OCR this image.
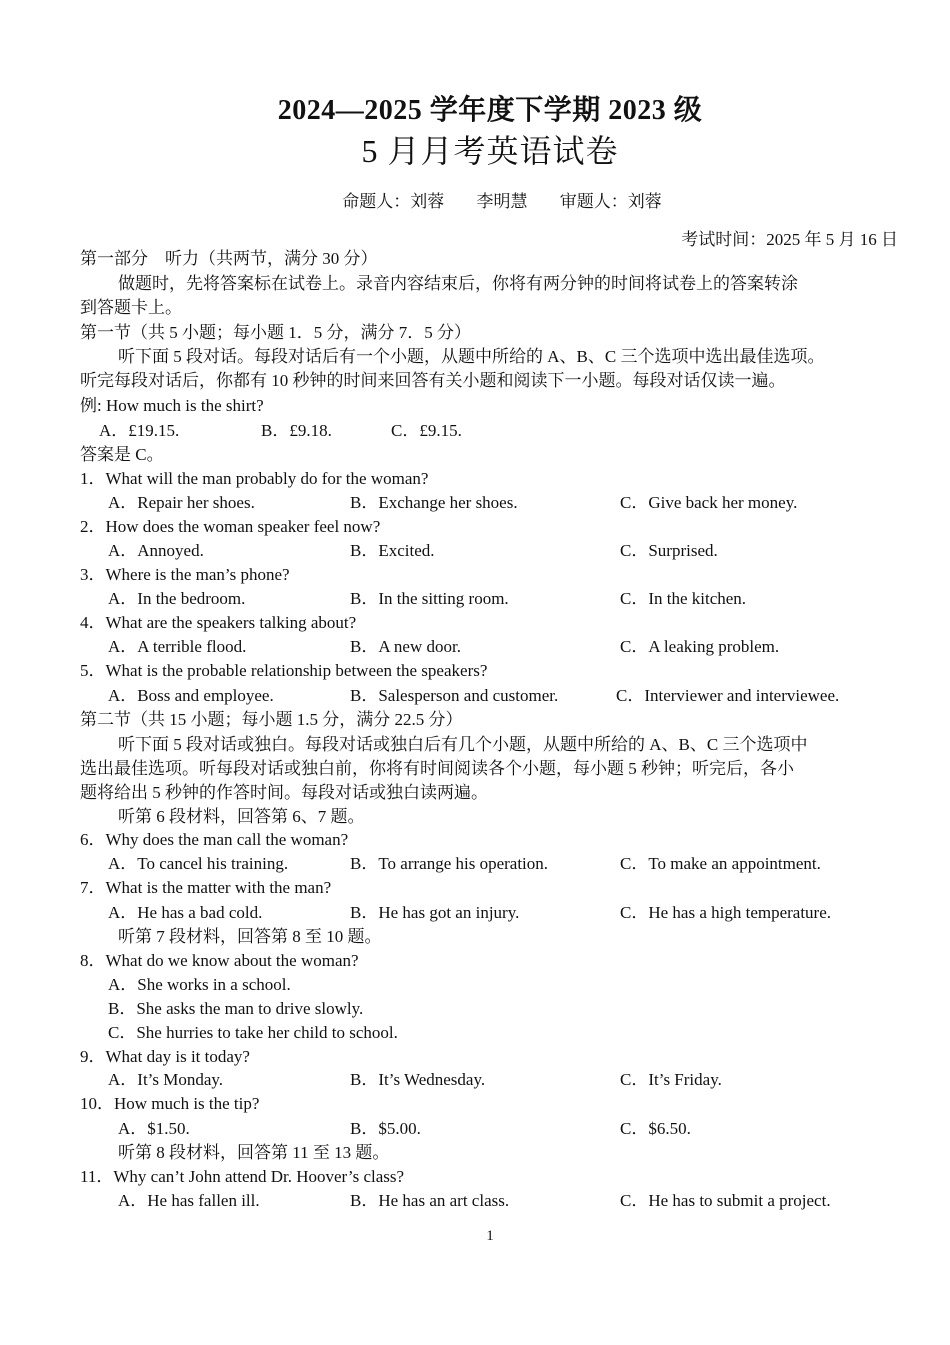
2024—2025 学年度下学期 2023 级
5 月月考英语试卷
命题人：刘蓉 李明慧 审题人：刘蓉
考试时间：2025 年 5 月 16 日
第一部分　听力（共两节，满分 30 分）
做题时，先将答案标在试卷上。录音内容结束后，你将有两分钟的时间将试卷上的答案转涂
到答题卡上。
第一节（共 5 小题；每小题 1．5 分，满分 7．5 分）
听下面 5 段对话。每段对话后有一个小题，从题中所给的 A、B、C 三个选项中选出最佳选项。
听完每段对话后，你都有 10 秒钟的时间来回答有关小题和阅读下一小题。每段对话仅读一遍。
例: How much is the shirt?
A．£19.15.	B．£9.18.	C．£9.15.
答案是 C。
1．What will the man probably do for the woman?
A．Repair her shoes.	B．Exchange her shoes.	C．Give back her money.
2．How does the woman speaker feel now?
A．Annoyed.	B．Excited.	C．Surprised.
3．Where is the man’s phone?
A．In the bedroom.	B．In the sitting room.	C．In the kitchen.
4．What are the speakers talking about?
A．A terrible flood.	B．A new door.	C．A leaking problem.
5．What is the probable relationship between the speakers?
A．Boss and employee.	B．Salesperson and customer.	C．Interviewer and interviewee.
第二节（共 15 小题；每小题 1.5 分，满分 22.5 分）
听下面 5 段对话或独白。每段对话或独白后有几个小题，从题中所给的 A、B、C 三个选项中
选出最佳选项。听每段对话或独白前，你将有时间阅读各个小题，每小题 5 秒钟；听完后，各小
题将给出 5 秒钟的作答时间。每段对话或独白读两遍。
听第 6 段材料，回答第 6、7 题。
6．Why does the man call the woman?
A．To cancel his training.	B．To arrange his operation.	C．To make an appointment.
7．What is the matter with the man?
A．He has a bad cold.	B．He has got an injury.	C．He has a high temperature.
听第 7 段材料，回答第 8 至 10 题。
8．What do we know about the woman?
A．She works in a school.
B．She asks the man to drive slowly.
C．She hurries to take her child to school.
9．What day is it today?
A．It’s Monday.	B．It’s Wednesday.	C．It’s Friday.
10．How much is the tip?
A．$1.50.	B．$5.00.	C．$6.50.
听第 8 段材料，回答第 11 至 13 题。
11．Why can’t John attend Dr. Hoover’s class?
A．He has fallen ill.	B．He has an art class.	C．He has to submit a project.
1
